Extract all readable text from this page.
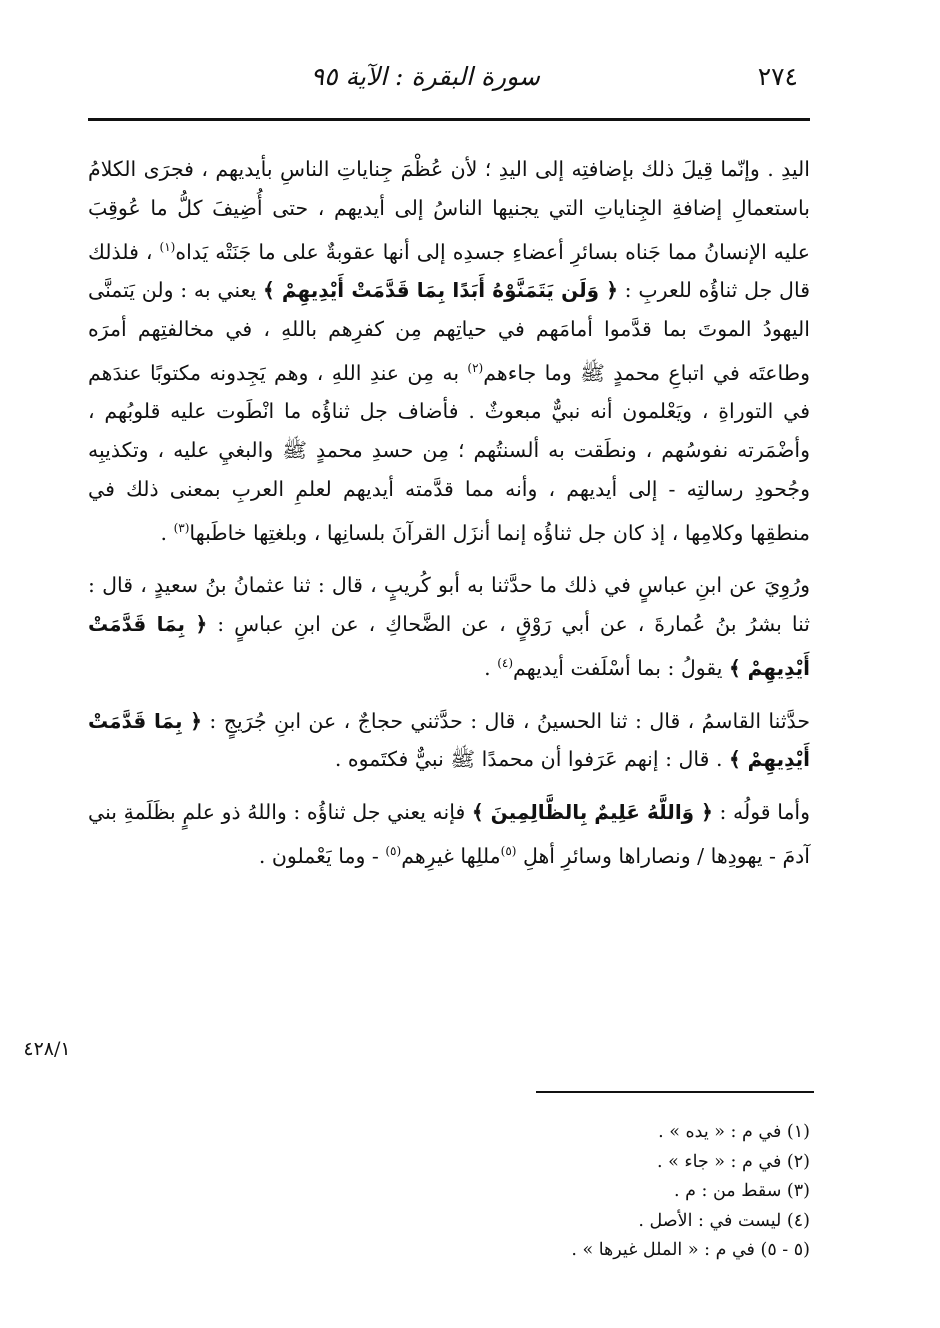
٢٧٤
سورة البقرة : الآية ٩٥

اليدِ . وإنّما قِيلَ ذلك بإضافتِه إلى اليدِ ؛ لأن عُظْمَ جِناياتِ الناسِ بأيديهم ، فجرَى الكلامُ باستعمالِ إضافةِ الجِناياتِ التي يجنيها الناسُ إلى أيديهم ، حتى أُضِيفَ كلُّ ما عُوقِبَ عليه الإنسانُ مما جَناه بسائرِ أعضاءِ جسدِه إلى أنها عقوبةٌ على ما جَنَتْه يَداه$^{(١)}$ ، فلذلك قال جل ثناؤُه للعربِ : ﴿ وَلَن يَتَمَنَّوْهُ أَبَدًا بِمَا قَدَّمَتْ أَيْدِيهِمْ ﴾ يعني به : ولن يَتمنَّى اليهودُ الموتَ بما قدَّموا أمامَهم في حياتِهم مِن كفرِهم باللهِ ، في مخالفتِهم أمرَه وطاعتَه في اتباعِ محمدٍ ﷺ وما جاءهم$^{(٢)}$ به مِن عندِ اللهِ ، وهم يَجِدونه مكتوبًا عندَهم في التوراةِ ، ويَعْلمون أنه نبيٌّ مبعوثٌ . فأضاف جل ثناؤُه ما انْطَوت عليه قلوبُهم ، وأضْمَرته نفوسُهم ، ونطَقت به ألسنتُهم ؛ مِن حسدِ محمدٍ ﷺ والبغيِ عليه ، وتكذيبِه وجُحودِ رسالتِه - إلى أيديهم ، وأنه مما قدَّمته أيديهم لعلمِ العربِ بمعنى ذلك في منطقِها وكلامِها ، إذ كان جل ثناؤُه إنما أنزَل القرآنَ بلسانِها ، وبلغتِها خاطَبها$^{(٣)}$ .

ورُوِيَ عن ابنِ عباسٍ في ذلك ما حدَّثنا به أبو كُريبٍ ، قال : ثنا عثمانُ بنُ سعيدٍ ، قال : ثنا بشرُ بنُ عُمارةَ ، عن أبي رَوْقٍ ، عن الضَّحاكِ ، عن ابنِ عباسٍ : ﴿ بِمَا قَدَّمَتْ أَيْدِيهِمْ ﴾ يقولُ : بما أسْلَفت أيديهم$^{(٤)}$ .

حدَّثنا القاسمُ ، قال : ثنا الحسينُ ، قال : حدَّثني حجاجٌ ، عن ابنِ جُرَيجٍ : ﴿ بِمَا قَدَّمَتْ أَيْدِيهِمْ ﴾ . قال : إنهم عَرَفوا أن محمدًا ﷺ نبيٌّ فكتَموه .

وأما قولُه : ﴿ وَاللَّهُ عَلِيمٌ بِالظَّالِمِينَ ﴾ فإنه يعني جل ثناؤُه : واللهُ ذو علمٍ بظَلَمةِ بني آدمَ - يهودِها / ونصاراها وسائرِ أهلِ $^{(٥)}$مللِها غيرِهم$^{(٥)}$ - وما يَعْملون .

٤٢٨/١
(١) في م : « يده » .
(٢) في م : « جاء » .
(٣) سقط من : م .
(٤) ليست في : الأصل .
(٥ - ٥) في م : « الملل غيرها » .
